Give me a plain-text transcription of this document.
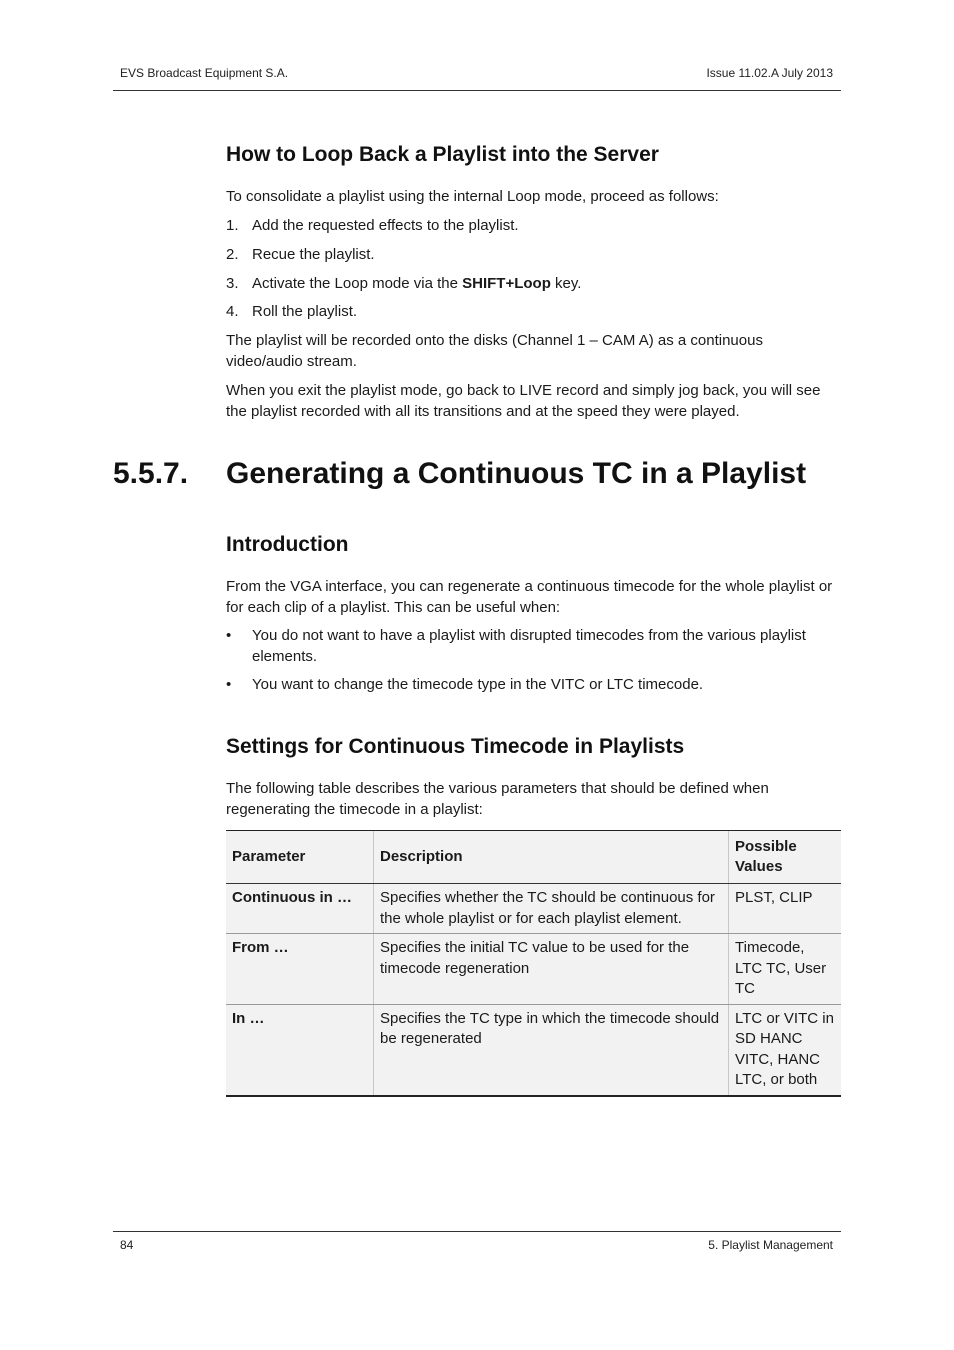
EVS Broadcast Equipment S.A.	Issue 11.02.A July 2013
How to Loop Back a Playlist into the Server
To consolidate a playlist using the internal Loop mode, proceed as follows:
1. Add the requested effects to the playlist.
2. Recue the playlist.
3. Activate the Loop mode via the SHIFT+Loop key.
4. Roll the playlist.
The playlist will be recorded onto the disks (Channel 1 – CAM A) as a continuous video/audio stream.
When you exit the playlist mode, go back to LIVE record and simply jog back, you will see the playlist recorded with all its transitions and at the speed they were played.
5.5.7. Generating a Continuous TC in a Playlist
Introduction
From the VGA interface, you can regenerate a continuous timecode for the whole playlist or for each clip of a playlist. This can be useful when:
• You do not want to have a playlist with disrupted timecodes from the various playlist elements.
• You want to change the timecode type in the VITC or LTC timecode.
Settings for Continuous Timecode in Playlists
The following table describes the various parameters that should be defined when regenerating the timecode in a playlist:
Parameter	Description	Possible Values
Continuous in …	Specifies whether the TC should be continuous for the whole playlist or for each playlist element.	PLST, CLIP
From …	Specifies the initial TC value to be used for the timecode regeneration	Timecode, LTC TC, User TC
In …	Specifies the TC type in which the timecode should be regenerated	LTC or VITC in SD HANC VITC, HANC LTC, or both
84	5. Playlist Management
